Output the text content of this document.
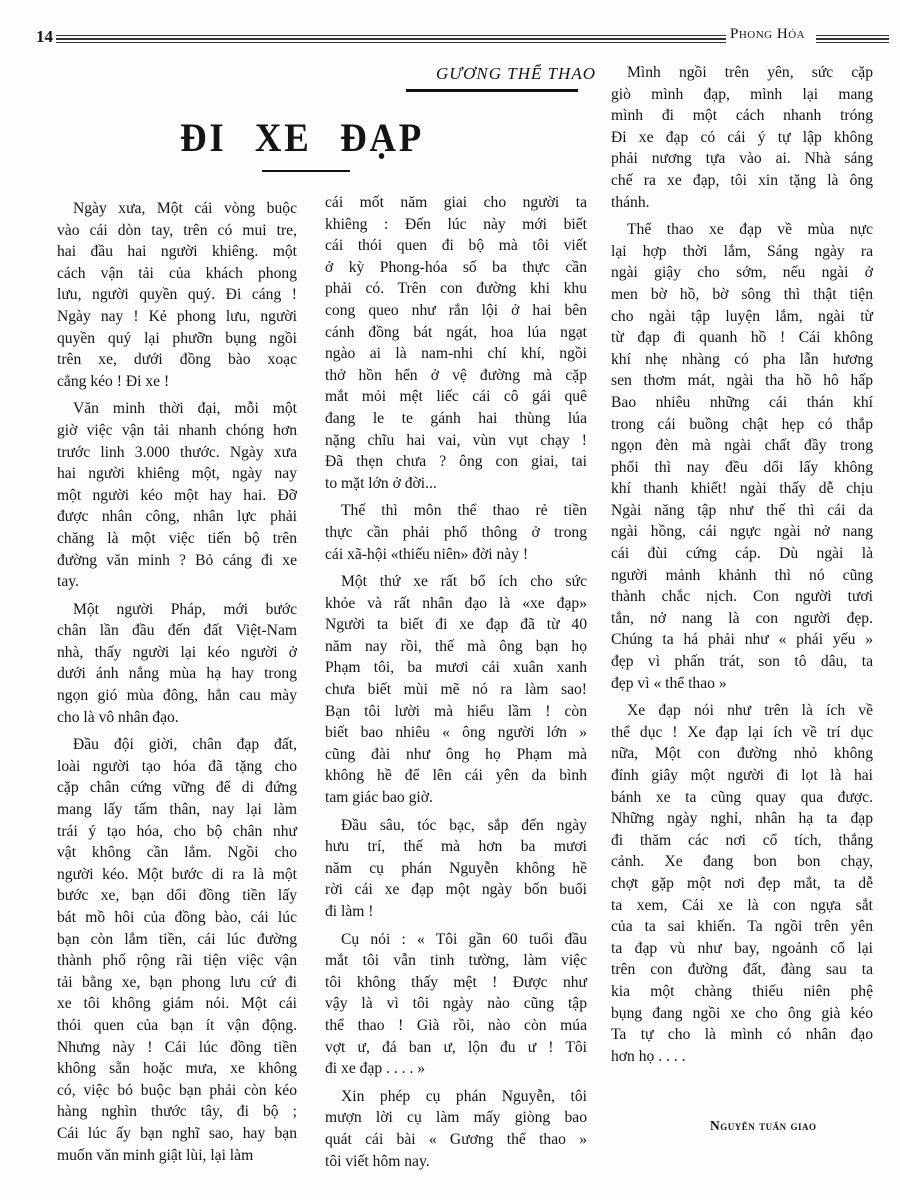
14	Phong Hóa
GƯƠNG THỂ THAO
ĐI XE ĐẠP
Ngày xưa, Một cái vòng buộc
vào cái dòn tay, trên có mui tre,
hai đầu hai người khiêng. một
cách vận tải của khách phong
lưu, người quyền quý. Đi cáng !
Ngày nay ! Kẻ phong lưu, người
quyền quý lại phưỡn bụng ngồi
trên xe, dưới đồng bào xoạc
cẳng kéo ! Đi xe !
Văn minh thời đại, mỗi một
giờ việc vận tải nhanh chóng hơn
trước linh 3.000 thước. Ngày xưa
hai người khiêng một, ngày nay
một người kéo một hay hai. Đỡ
được nhân công, nhân lực phải
chăng là một việc tiến bộ trên
đường văn minh ? Bỏ cáng đi xe
tay.
Một người Pháp, mới bước
chân lần đầu đến đất Việt-Nam
nhà, thấy người lại kéo người ở
dưới ánh nắng mùa hạ hay trong
ngọn gió mùa đông, hẳn cau mày
cho là vô nhân đạo.
Đầu đội giời, chân đạp đất,
loài người tạo hóa đã tặng cho
cặp chân cứng vững để di đứng
mang lấy tấm thân, nay lại làm
trái ý tạo hóa, cho bộ chân như
vật không cần lắm. Ngồi cho
người kéo. Một bước di ra là một
bước xe, bạn dổi đồng tiền lấy
bát mồ hôi của đồng bào, cái lúc
bạn còn lắm tiền, cái lúc đường
thành phố rộng rãi tiện việc vận
tải bằng xe, bạn phong lưu cứ đi
xe tôi không giám nói. Một cái
thói quen của bạn ít vận động.
Nhưng này ! Cái lúc đồng tiền
không sẵn hoặc mưa, xe không
có, việc bó buộc bạn phải còn kéo
hàng nghìn thước tây, đi bộ ;
Cái lúc ấy bạn nghĩ sao, hay bạn
muốn văn minh giật lùi, lại làm
cái mốt năm giai cho người ta
khiêng : Đến lúc này mới biết
cái thói quen đi bộ mà tôi viết
ở kỳ Phong-hóa số ba thực cần
phải có. Trên con đường khi khu
cong queo như rắn lội ở hai bên
cánh đồng bát ngát, hoa lúa ngạt
ngào ai là nam-nhi chí khí, ngồi
thở hồn hển ở vệ đường mà cặp
mắt mỏi mệt liếc cái cô gái quê
đang le te gánh hai thùng lúa
nặng chĩu hai vai, vùn vụt chạy !
Đã thẹn chưa ? ông con giai, tai
to mặt lớn ở đời...
Thế thì môn thể thao rẻ tiền
thực cần phải phổ thông ở trong
cái xã-hội «thiếu niên» đời này !
Một thứ xe rất bổ ích cho sức
khỏe và rất nhân đạo là «xe đạp»
Người ta biết đi xe đạp đã từ 40
năm nay rồi, thế mà ông bạn họ
Phạm tôi, ba mươi cái xuân xanh
chưa biết mùi mẽ nó ra làm sao!
Bạn tôi lười mà hiểu lầm ! còn
biết bao nhiêu « ông người lớn »
cũng đài như ông họ Phạm mà
không hề để lên cái yên da bình
tam giác bao giờ.
Đầu sâu, tóc bạc, sắp đến ngày
hưu trí, thế mà hơn ba mươi
năm cụ phán Nguyễn không hề
rời cái xe đạp một ngày bốn buổi
đi làm !
Cụ nói : « Tôi gần 60 tuổi đầu
mắt tôi vẫn tinh tường, làm việc
tôi không thấy mệt ! Được như
vậy là vì tôi ngày nào cũng tập
thể thao ! Già rồi, nào còn múa
vợt ư, đá ban ư, lộn đu ư ! Tôi
đi xe đạp . . . . »
Xin phép cụ phán Nguyễn, tôi
mượn lời cụ làm mấy giòng bao
quát cái bài « Gương thể thao »
tôi viết hôm nay.
Mình ngồi trên yên, sức cặp
giò mình đạp, mình lại mang
mình đi một cách nhanh tróng
Đi xe đạp có cái ý tự lập không
phải nương tựa vào ai. Nhà sáng
chế ra xe đạp, tôi xin tặng là ông
thánh.
Thể thao xe đạp về mùa nực
lại hợp thời lắm, Sáng ngày ra
ngài giậy cho sớm, nếu ngài ở
men bờ hồ, bờ sông thì thật tiện
cho ngài tập luyện lắm, ngài từ
từ đạp đi quanh hồ ! Cái không
khí nhẹ nhàng có pha lẫn hương
sen thơm mát, ngài tha hồ hô hấp
Bao nhiêu những cái thán khí
trong cái buồng chật hẹp có thắp
ngọn đèn mà ngài chất đầy trong
phổi thì nay đều dổi lấy không
khí thanh khiết! ngài thấy dễ chịu
Ngài năng tập như thế thì cái da
ngài hồng, cái ngực ngài nở nang
cái đùi cứng cáp. Dù ngài là
người mảnh khảnh thì nó cũng
thành chắc nịch. Con người tươi
tắn, nở nang là con người đẹp.
Chúng ta há phải như « phái yếu »
đẹp vì phấn trát, son tô dâu, ta
đẹp vì « thể thao »
Xe đạp nói như trên là ích về
thể dục ! Xe đạp lại ích về trí dục
nữa, Một con đường nhỏ không
đính giây một người đi lọt là hai
bánh xe ta cũng quay qua được.
Những ngày nghỉ, nhân hạ ta đạp
đi thăm các nơi cổ tích, thắng
cảnh. Xe đang bon bon chạy,
chợt gặp một nơi đẹp mắt, ta dễ
ta xem, Cái xe là con ngựa sắt
của ta sai khiến. Ta ngồi trên yên
ta đạp vù như bay, ngoảnh cổ lại
trên con đường đất, đàng sau ta
kia một chàng thiếu niên phệ
bụng đang ngồi xe cho ông già kéo
Ta tự cho là mình có nhân đạo
hơn họ . . . .
Nguyễn tuấn giao
